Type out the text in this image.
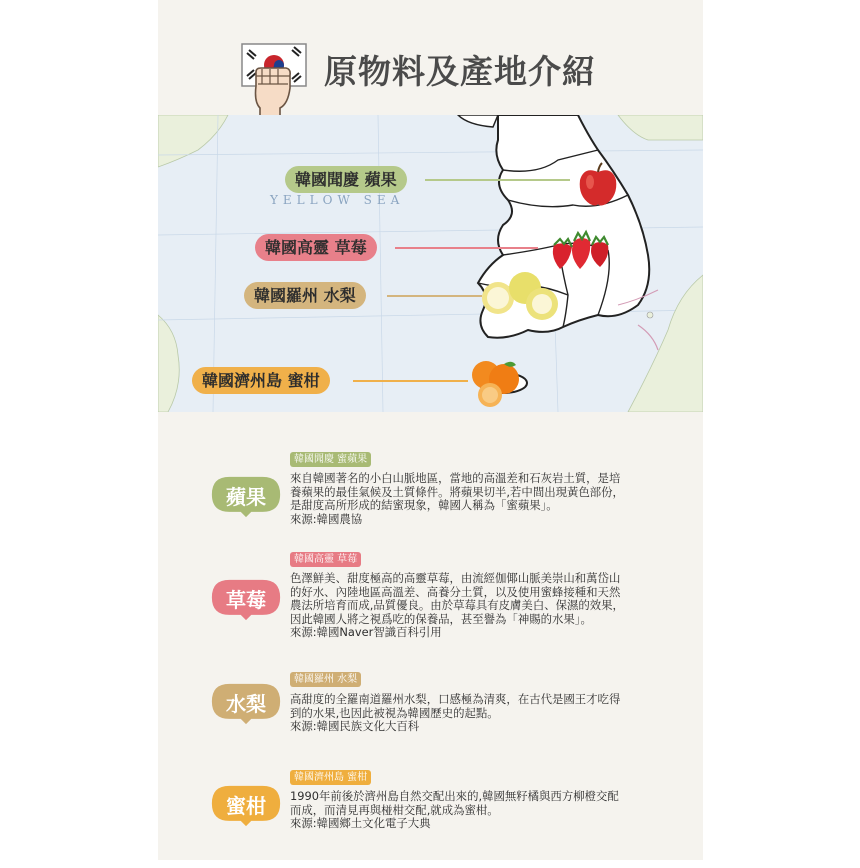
原物料及產地介紹
YELLOW SEA
韓國聞慶 蘋果
韓國高靈 草莓
韓國羅州 水梨
韓國濟州島 蜜柑
蘋果
韓國聞慶 蜜蘋果

來自韓國著名的小白山脈地區，當地的高溫差和石灰岩土質，是培

養蘋果的最佳氣候及土質條件。將蘋果切半,若中間出現黃色部份，

是甜度高所形成的結蜜現象，韓國人稱為「蜜蘋果」。

來源:韓國農協

草莓
韓國高靈 草莓

色澤鮮美、甜度極高的高靈草莓，由流經伽倻山脈美崇山和萬岱山

的好水、內陸地區高溫差、高養分土質，以及使用蜜蜂接種和天然

農法所培育而成,品質優良。由於草莓具有皮膚美白、保濕的效果，

因此韓國人將之視爲吃的保養品，甚至譽為「神賜的水果」。

來源:韓國Naver智識百科引用

水梨
韓國羅州 水梨

高甜度的全羅南道羅州水梨，口感極為清爽，在古代是國王才吃得

到的水果,也因此被視為韓國歷史的起點。

來源:韓國民族文化大百科

蜜柑
韓國濟州島 蜜柑

1990年前後於濟州島自然交配出來的,韓國無籽橘與西方柳橙交配

而成，而清見再與椪柑交配,就成為蜜柑。

來源:韓國鄉土文化電子大典
